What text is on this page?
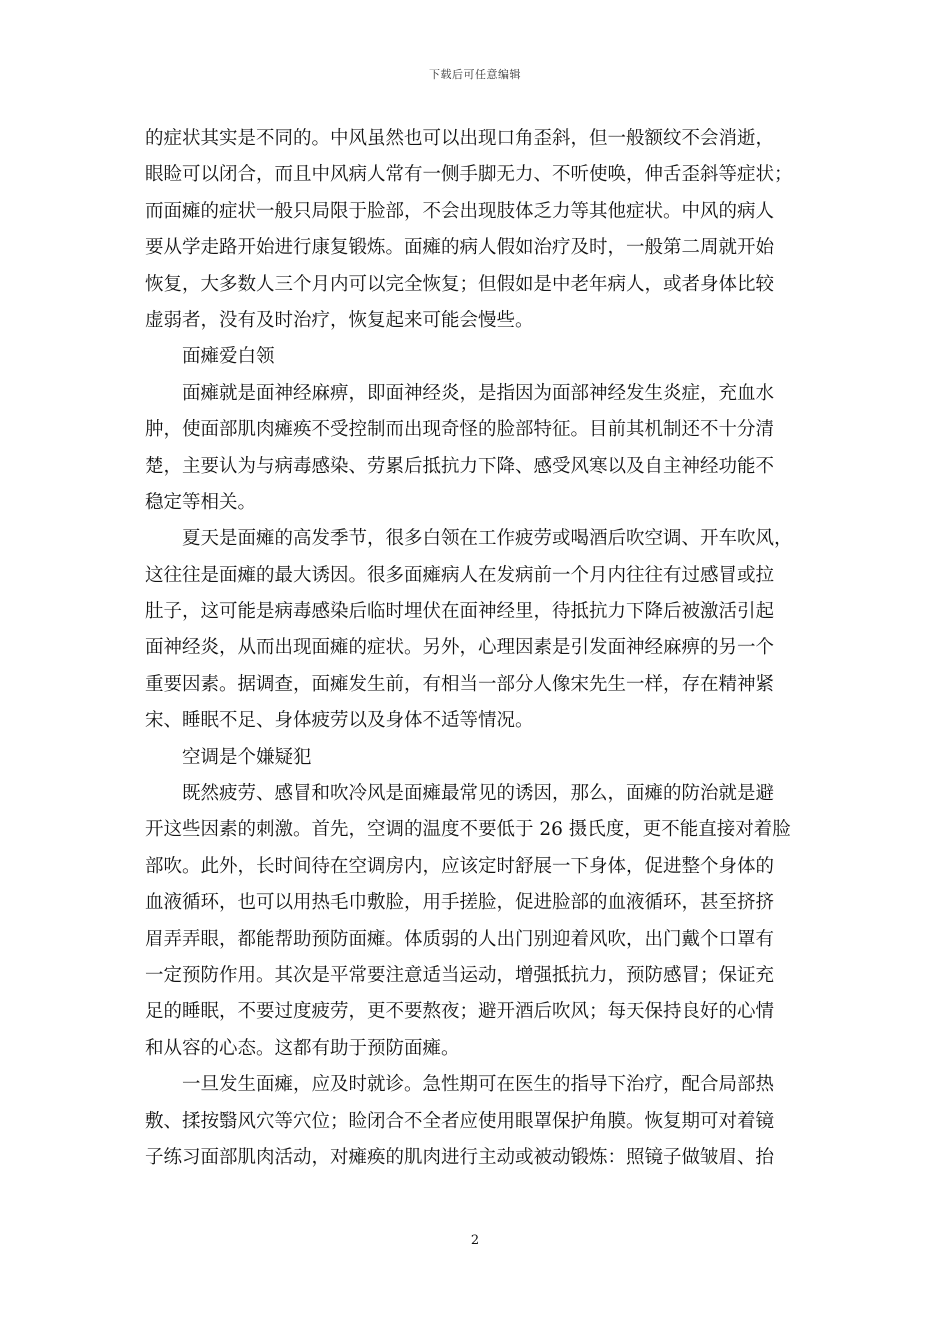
下载后可任意编辑
的症状其实是不同的。中风虽然也可以出现口角歪斜，但一般额纹不会消逝，
眼睑可以闭合，而且中风病人常有一侧手脚无力、不听使唤，伸舌歪斜等症状；
而面瘫的症状一般只局限于脸部，不会出现肢体乏力等其他症状。中风的病人
要从学走路开始进行康复锻炼。面瘫的病人假如治疗及时，一般第二周就开始
恢复，大多数人三个月内可以完全恢复；但假如是中老年病人，或者身体比较
虚弱者，没有及时治疗，恢复起来可能会慢些。
面瘫爱白领
面瘫就是面神经麻痹，即面神经炎，是指因为面部神经发生炎症，充血水
肿，使面部肌肉瘫痪不受控制而出现奇怪的脸部特征。目前其机制还不十分清
楚，主要认为与病毒感染、劳累后抵抗力下降、感受风寒以及自主神经功能不
稳定等相关。
夏天是面瘫的高发季节，很多白领在工作疲劳或喝酒后吹空调、开车吹风，
这往往是面瘫的最大诱因。很多面瘫病人在发病前一个月内往往有过感冒或拉
肚子，这可能是病毒感染后临时埋伏在面神经里，待抵抗力下降后被激活引起
面神经炎，从而出现面瘫的症状。另外，心理因素是引发面神经麻痹的另一个
重要因素。据调查，面瘫发生前，有相当一部分人像宋先生一样，存在精神紧
宋、睡眠不足、身体疲劳以及身体不适等情况。
空调是个嫌疑犯
既然疲劳、感冒和吹冷风是面瘫最常见的诱因，那么，面瘫的防治就是避
开这些因素的刺激。首先，空调的温度不要低于 26 摄氏度，更不能直接对着脸
部吹。此外，长时间待在空调房内，应该定时舒展一下身体，促进整个身体的
血液循环，也可以用热毛巾敷脸，用手搓脸，促进脸部的血液循环，甚至挤挤
眉弄弄眼，都能帮助预防面瘫。体质弱的人出门别迎着风吹，出门戴个口罩有
一定预防作用。其次是平常要注意适当运动，增强抵抗力，预防感冒；保证充
足的睡眠，不要过度疲劳，更不要熬夜；避开酒后吹风；每天保持良好的心情
和从容的心态。这都有助于预防面瘫。
一旦发生面瘫，应及时就诊。急性期可在医生的指导下治疗，配合局部热
敷、揉按翳风穴等穴位；睑闭合不全者应使用眼罩保护角膜。恢复期可对着镜
子练习面部肌肉活动，对瘫痪的肌肉进行主动或被动锻炼：照镜子做皱眉、抬
2
